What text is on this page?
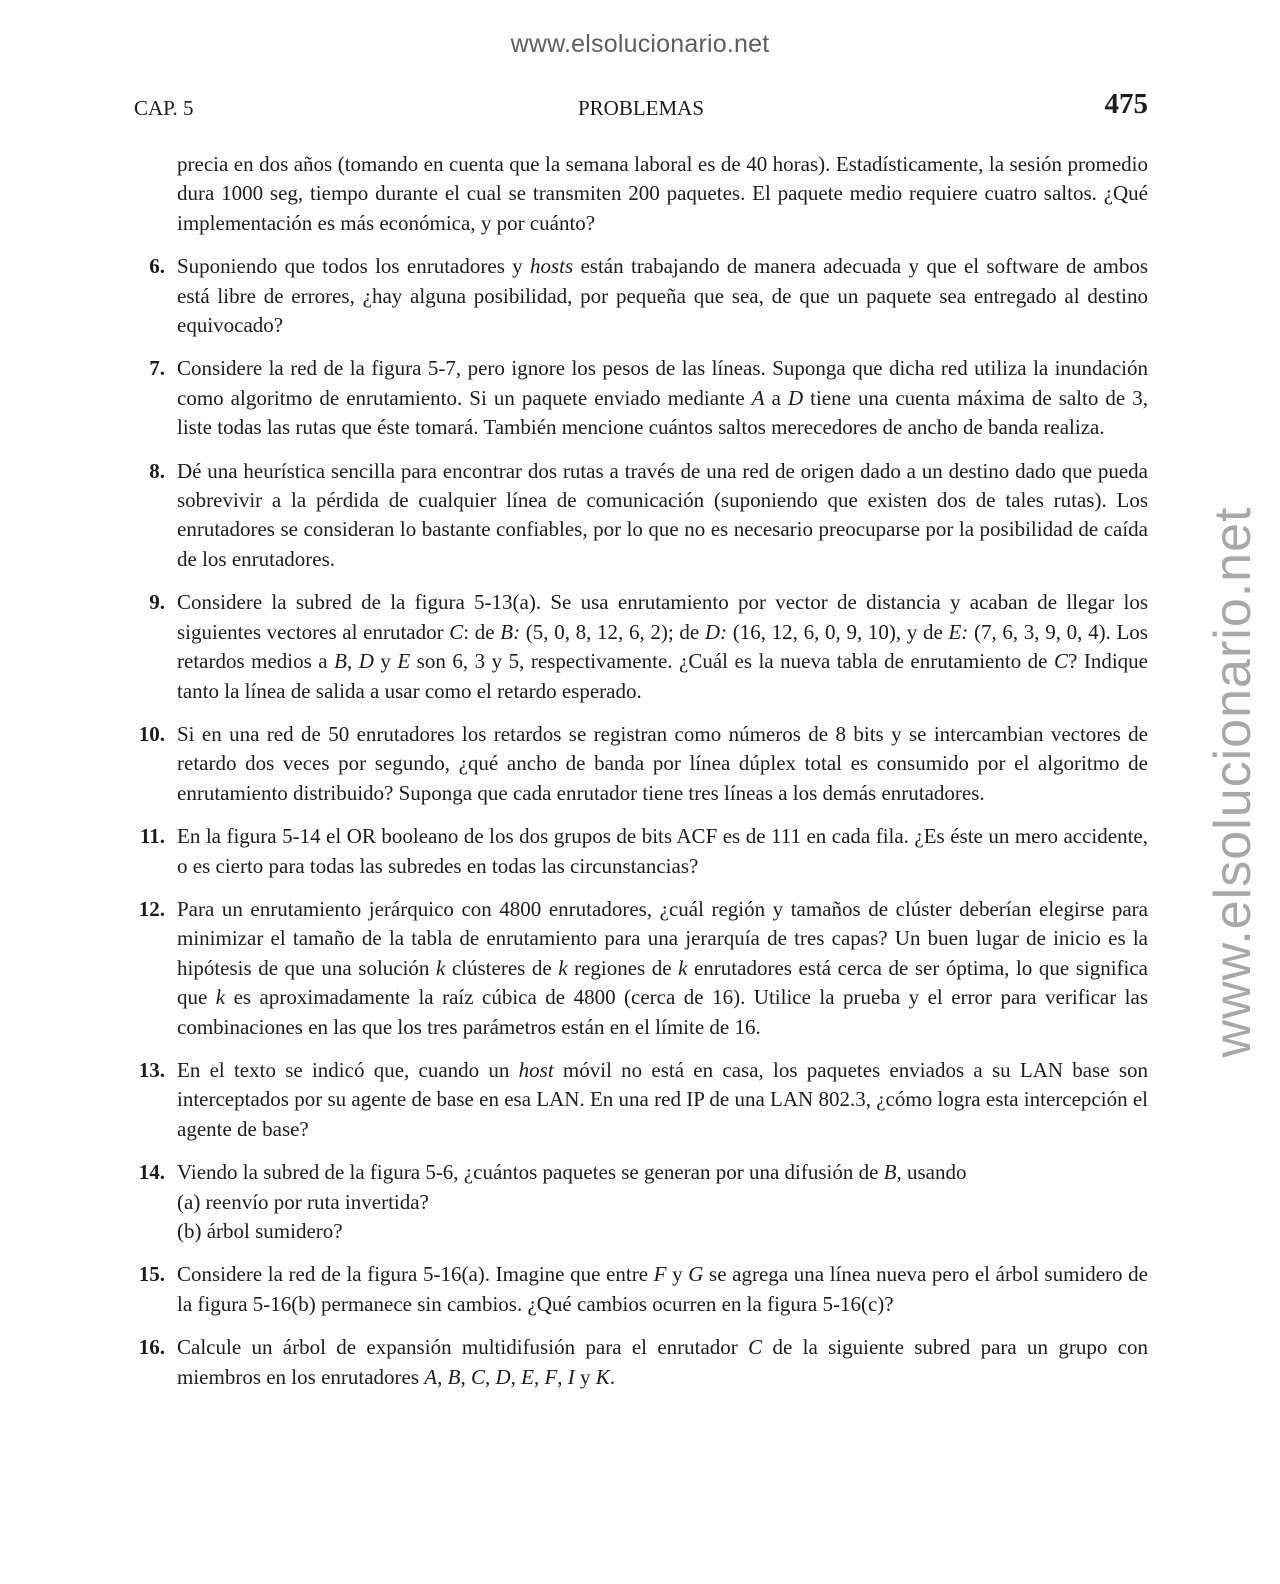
www.elsolucionario.net
www.elsolucionario.net
CAP. 5	PROBLEMAS	475

precia en dos años (tomando en cuenta que la semana laboral es de 40 horas). Estadísticamente, la sesión promedio dura 1000 seg, tiempo durante el cual se transmiten 200 paquetes. El paquete medio requiere cuatro saltos. ¿Qué implementación es más económica, y por cuánto?

6. Suponiendo que todos los enrutadores y hosts están trabajando de manera adecuada y que el software de ambos está libre de errores, ¿hay alguna posibilidad, por pequeña que sea, de que un paquete sea entregado al destino equivocado?

7. Considere la red de la figura 5-7, pero ignore los pesos de las líneas. Suponga que dicha red utiliza la inundación como algoritmo de enrutamiento. Si un paquete enviado mediante A a D tiene una cuenta máxima de salto de 3, liste todas las rutas que éste tomará. También mencione cuántos saltos merecedores de ancho de banda realiza.

8. Dé una heurística sencilla para encontrar dos rutas a través de una red de origen dado a un destino dado que pueda sobrevivir a la pérdida de cualquier línea de comunicación (suponiendo que existen dos de tales rutas). Los enrutadores se consideran lo bastante confiables, por lo que no es necesario preocuparse por la posibilidad de caída de los enrutadores.

9. Considere la subred de la figura 5-13(a). Se usa enrutamiento por vector de distancia y acaban de llegar los siguientes vectores al enrutador C: de B: (5, 0, 8, 12, 6, 2); de D: (16, 12, 6, 0, 9, 10), y de E: (7, 6, 3, 9, 0, 4). Los retardos medios a B, D y E son 6, 3 y 5, respectivamente. ¿Cuál es la nueva tabla de enrutamiento de C? Indique tanto la línea de salida a usar como el retardo esperado.

10. Si en una red de 50 enrutadores los retardos se registran como números de 8 bits y se intercambian vectores de retardo dos veces por segundo, ¿qué ancho de banda por línea dúplex total es consumido por el algoritmo de enrutamiento distribuido? Suponga que cada enrutador tiene tres líneas a los demás enrutadores.

11. En la figura 5-14 el OR booleano de los dos grupos de bits ACF es de 111 en cada fila. ¿Es éste un mero accidente, o es cierto para todas las subredes en todas las circunstancias?

12. Para un enrutamiento jerárquico con 4800 enrutadores, ¿cuál región y tamaños de clúster deberían elegirse para minimizar el tamaño de la tabla de enrutamiento para una jerarquía de tres capas? Un buen lugar de inicio es la hipótesis de que una solución k clústeres de k regiones de k enrutadores está cerca de ser óptima, lo que significa que k es aproximadamente la raíz cúbica de 4800 (cerca de 16). Utilice la prueba y el error para verificar las combinaciones en las que los tres parámetros están en el límite de 16.

13. En el texto se indicó que, cuando un host móvil no está en casa, los paquetes enviados a su LAN base son interceptados por su agente de base en esa LAN. En una red IP de una LAN 802.3, ¿cómo logra esta intercepción el agente de base?

14. Viendo la subred de la figura 5-6, ¿cuántos paquetes se generan por una difusión de B, usando

(a) reenvío por ruta invertida?

(b) árbol sumidero?

15. Considere la red de la figura 5-16(a). Imagine que entre F y G se agrega una línea nueva pero el árbol sumidero de la figura 5-16(b) permanece sin cambios. ¿Qué cambios ocurren en la figura 5-16(c)?

16. Calcule un árbol de expansión multidifusión para el enrutador C de la siguiente subred para un grupo con miembros en los enrutadores A, B, C, D, E, F, I y K.
